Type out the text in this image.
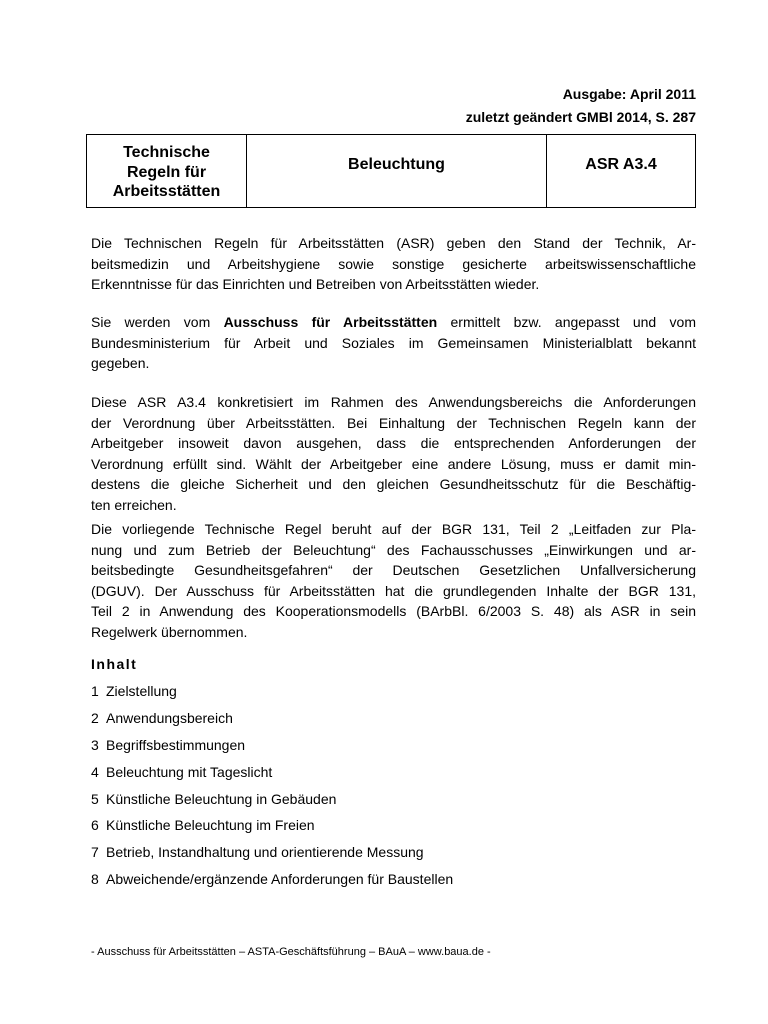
Ausgabe: April 2011
zuletzt geändert GMBl 2014, S. 287
Technische
Regeln für
Arbeitsstätten
Beleuchtung	ASR A3.4
Die Technischen Regeln für Arbeitsstätten (ASR) geben den Stand der Technik, Ar-
beitsmedizin und Arbeitshygiene sowie sonstige gesicherte arbeitswissenschaftliche
Erkenntnisse für das Einrichten und Betreiben von Arbeitsstätten wieder.
Sie werden vom Ausschuss für Arbeitsstätten ermittelt bzw. angepasst und vom
Bundesministerium für Arbeit und Soziales im Gemeinsamen Ministerialblatt bekannt
gegeben.
Diese ASR A3.4 konkretisiert im Rahmen des Anwendungsbereichs die Anforderungen
der Verordnung über Arbeitsstätten. Bei Einhaltung der Technischen Regeln kann der
Arbeitgeber insoweit davon ausgehen, dass die entsprechenden Anforderungen der
Verordnung erfüllt sind. Wählt der Arbeitgeber eine andere Lösung, muss er damit min-
destens die gleiche Sicherheit und den gleichen Gesundheitsschutz für die Beschäftig-
ten erreichen.
Die vorliegende Technische Regel beruht auf der BGR 131, Teil 2 „Leitfaden zur Pla-
nung und zum Betrieb der Beleuchtung“ des Fachausschusses „Einwirkungen und ar-
beitsbedingte Gesundheitsgefahren“ der Deutschen Gesetzlichen Unfallversicherung
(DGUV). Der Ausschuss für Arbeitsstätten hat die grundlegenden Inhalte der BGR 131,
Teil 2 in Anwendung des Kooperationsmodells (BArbBl. 6/2003 S. 48) als ASR in sein
Regelwerk übernommen.
Inhalt
1 Zielstellung
2 Anwendungsbereich
3 Begriffsbestimmungen
4 Beleuchtung mit Tageslicht
5 Künstliche Beleuchtung in Gebäuden
6 Künstliche Beleuchtung im Freien
7 Betrieb, Instandhaltung und orientierende Messung
8 Abweichende/ergänzende Anforderungen für Baustellen
- Ausschuss für Arbeitsstätten – ASTA-Geschäftsführung – BAuA – www.baua.de -
